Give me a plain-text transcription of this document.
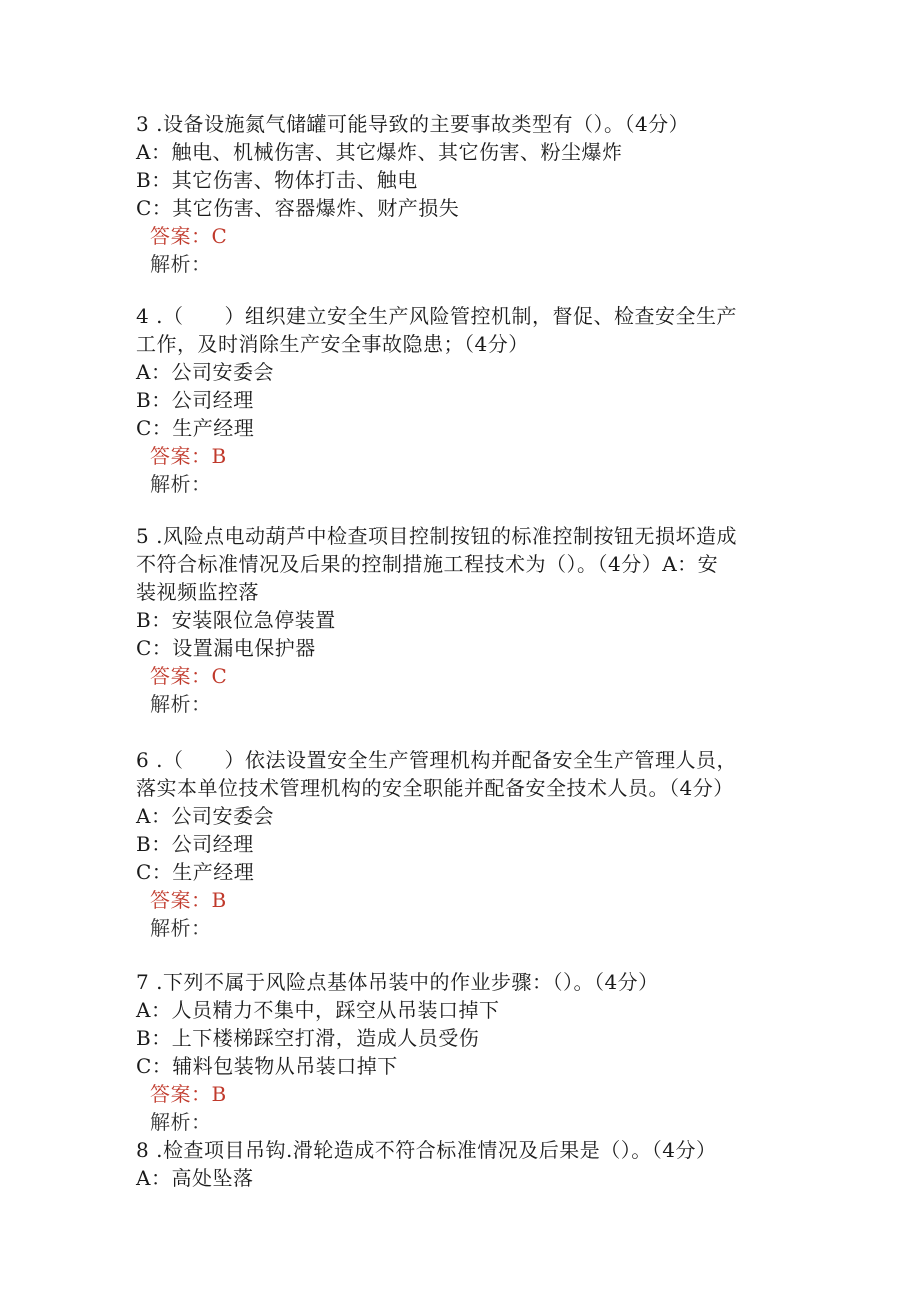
3 .设备设施氮气储罐可能导致的主要事故类型有（）。（4分）
A：触电、机械伤害、其它爆炸、其它伤害、粉尘爆炸
B：其它伤害、物体打击、触电
C：其它伤害、容器爆炸、财产损失
答案：C
解析：
4 .（　　）组织建立安全生产风险管控机制，督促、检查安全生产
工作，及时消除生产安全事故隐患；（4分）
A：公司安委会
B：公司经理
C：生产经理
答案：B
解析：
5 .风险点电动葫芦中检查项目控制按钮的标准控制按钮无损坏造成
不符合标准情况及后果的控制措施工程技术为（）。（4分）A：安
装视频监控落
B：安装限位急停装置
C：设置漏电保护器
答案：C
解析：
6 .（　　）依法设置安全生产管理机构并配备安全生产管理人员，
落实本单位技术管理机构的安全职能并配备安全技术人员。（4分）
A：公司安委会
B：公司经理
C：生产经理
答案：B
解析：
7 .下列不属于风险点基体吊装中的作业步骤：（）。（4分）
A：人员精力不集中，踩空从吊装口掉下
B：上下楼梯踩空打滑，造成人员受伤
C：辅料包装物从吊装口掉下
答案：B
解析：
8 .检查项目吊钩.滑轮造成不符合标准情况及后果是（）。（4分）
A：高处坠落
